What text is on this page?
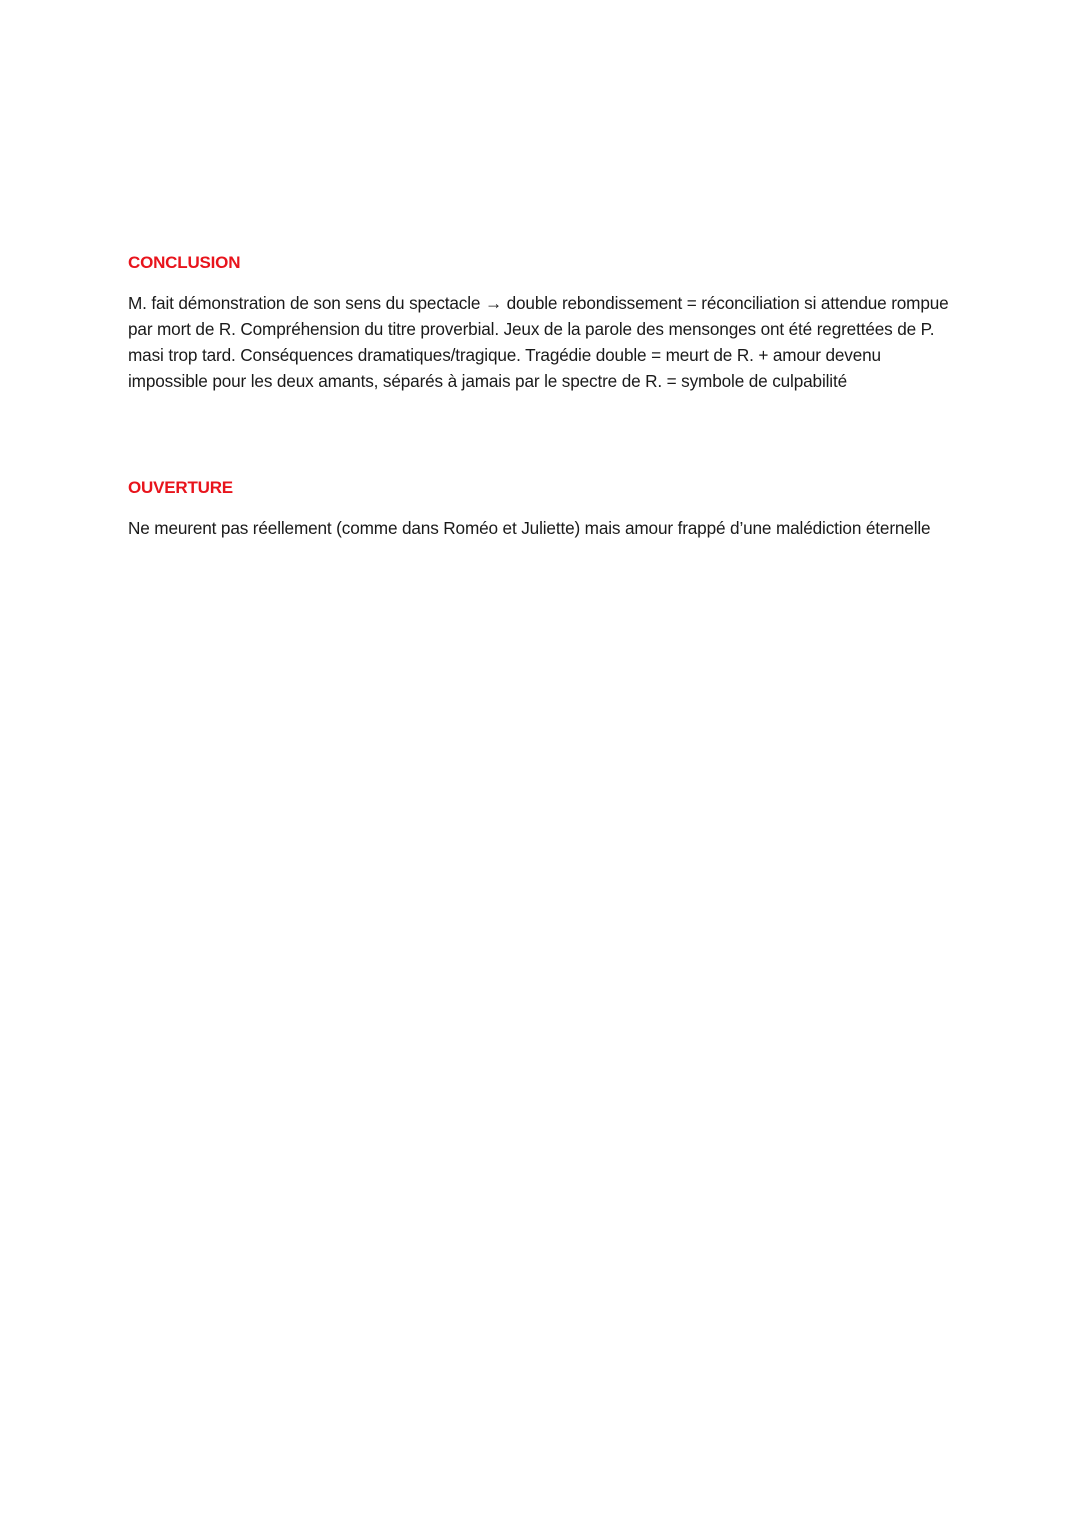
CONCLUSION

M. fait démonstration de son sens du spectacle → double rebondissement = réconciliation si attendue rompue par mort de R. Compréhension du titre proverbial. Jeux de la parole des mensonges ont été regrettées de P. masi trop tard. Conséquences dramatiques/tragique. Tragédie double = meurt de R. + amour devenu impossible pour les deux amants, séparés à jamais par le spectre de R. = symbole de culpabilité

OUVERTURE

Ne meurent pas réellement (comme dans Roméo et Juliette) mais amour frappé d’une malédiction éternelle
